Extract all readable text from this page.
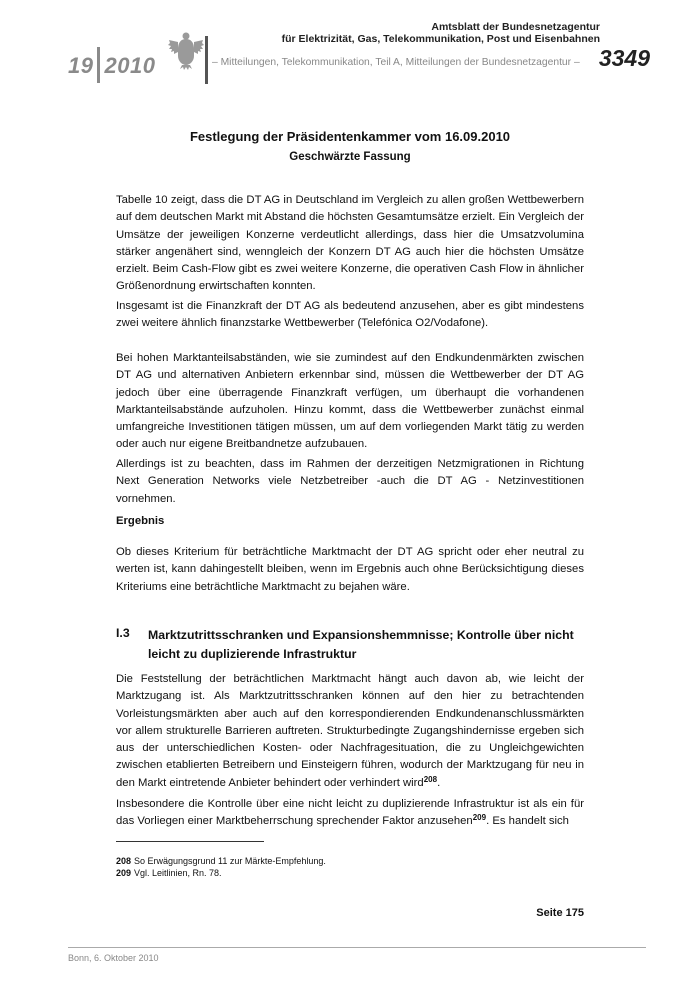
19 2010
Amtsblatt der Bundesnetzagentur
für Elektrizität, Gas, Telekommunikation, Post und Eisenbahnen
– Mitteilungen, Telekommunikation, Teil A, Mitteilungen der Bundesnetzagentur – 3349
Festlegung der Präsidentenkammer vom 16.09.2010
Geschwärzte Fassung

Tabelle 10 zeigt, dass die DT AG in Deutschland im Vergleich zu allen großen Wettbewerbern auf dem deutschen Markt mit Abstand die höchsten Gesamtumsätze erzielt. Ein Vergleich der Umsätze der jeweiligen Konzerne verdeutlicht allerdings, dass hier die Umsatzvolumina stärker angenähert sind, wenngleich der Konzern DT AG auch hier die höchsten Umsätze erzielt. Beim Cash-Flow gibt es zwei weitere Konzerne, die operativen Cash Flow in ähnlicher Größenordnung erwirtschaften konnten.

Insgesamt ist die Finanzkraft der DT AG als bedeutend anzusehen, aber es gibt mindestens zwei weitere ähnlich finanzstarke Wettbewerber (Telefónica O2/Vodafone).

Bei hohen Marktanteilsabständen, wie sie zumindest auf den Endkundenmärkten zwischen DT AG und alternativen Anbietern erkennbar sind, müssen die Wettbewerber der DT AG jedoch über eine überragende Finanzkraft verfügen, um überhaupt die vorhandenen Marktanteilsabstände aufzuholen. Hinzu kommt, dass die Wettbewerber zunächst einmal umfangreiche Investitionen tätigen müssen, um auf dem vorliegenden Markt tätig zu werden oder auch nur eigene Breitbandnetze aufzubauen.

Allerdings ist zu beachten, dass im Rahmen der derzeitigen Netzmigrationen in Richtung Next Generation Networks viele Netzbetreiber -auch die DT AG - Netzinvestitionen vornehmen.

Ergebnis

Ob dieses Kriterium für beträchtliche Marktmacht der DT AG spricht oder eher neutral zu werten ist, kann dahingestellt bleiben, wenn im Ergebnis auch ohne Berücksichtigung dieses Kriteriums eine beträchtliche Marktmacht zu bejahen wäre.

I.3 Marktzutrittsschranken und Expansionshemmnisse; Kontrolle über nicht leicht zu duplizierende Infrastruktur

Die Feststellung der beträchtlichen Marktmacht hängt auch davon ab, wie leicht der Marktzugang ist. Als Marktzutrittsschranken können auf den hier zu betrachtenden Vorleistungsmärkten aber auch auf den korrespondierenden Endkundenanschlussmärkten vor allem strukturelle Barrieren auftreten. Strukturbedingte Zugangshindernisse ergeben sich aus der unterschiedlichen Kosten- oder Nachfragesituation, die zu Ungleichgewichten zwischen etablierten Betreibern und Einsteigern führen, wodurch der Marktzugang für neu in den Markt eintretende Anbieter behindert oder verhindert wird$^{208}$.

Insbesondere die Kontrolle über eine nicht leicht zu duplizierende Infrastruktur ist als ein für das Vorliegen einer Marktbeherrschung sprechender Faktor anzusehen$^{209}$. Es handelt sich

208 So Erwägungsgrund 11 zur Märkte-Empfehlung.
209 Vgl. Leitlinien, Rn. 78.
Seite 175
Bonn, 6. Oktober 2010
